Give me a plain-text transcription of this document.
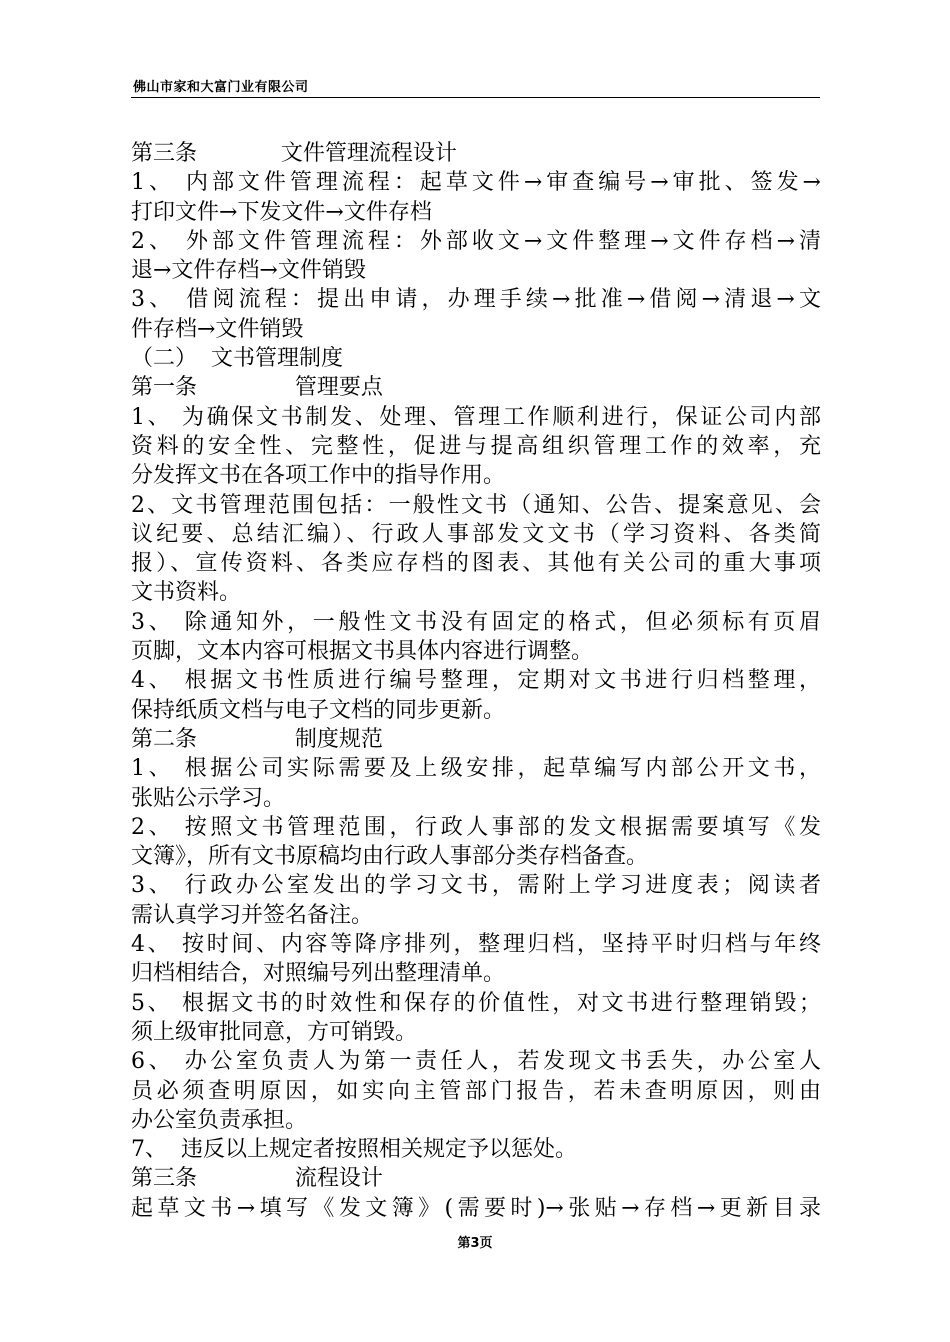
佛山市家和大富门业有限公司
第三条            文件管理流程设计
1、 内部文件管理流程：起草文件→审查编号→审批、签发→
打印文件→下发文件→文件存档
2、 外部文件管理流程：外部收文→文件整理→文件存档→清
退→文件存档→文件销毁
3、 借阅流程：提出申请，办理手续→批准→借阅→清退→文
件存档→文件销毁
（二）  文书管理制度
第一条              管理要点
1、 为确保文书制发、处理、管理工作顺利进行，保证公司内部
资料的安全性、完整性，促进与提高组织管理工作的效率，充
分发挥文书在各项工作中的指导作用。
2、文书管理范围包括：一般性文书（通知、公告、提案意见、会
议纪要、总结汇编）、行政人事部发文文书（学习资料、各类简
报）、宣传资料、各类应存档的图表、其他有关公司的重大事项
文书资料。
3、 除通知外，一般性文书没有固定的格式，但必须标有页眉
页脚，文本内容可根据文书具体内容进行调整。
4、 根据文书性质进行编号整理，定期对文书进行归档整理，
保持纸质文档与电子文档的同步更新。
第二条              制度规范
1、 根据公司实际需要及上级安排，起草编写内部公开文书，
张贴公示学习。
2、 按照文书管理范围，行政人事部的发文根据需要填写《发
文簿》，所有文书原稿均由行政人事部分类存档备查。
3、 行政办公室发出的学习文书，需附上学习进度表；阅读者
需认真学习并签名备注。
4、 按时间、内容等降序排列，整理归档，坚持平时归档与年终
归档相结合，对照编号列出整理清单。
5、 根据文书的时效性和保存的价值性，对文书进行整理销毁；
须上级审批同意，方可销毁。
6、 办公室负责人为第一责任人，若发现文书丢失，办公室人
员必须查明原因，如实向主管部门报告，若未查明原因，则由
办公室负责承担。
7、  违反以上规定者按照相关规定予以惩处。
第三条              流程设计
起草文书→填写《发文簿》(需要时)→张贴→存档→更新目录
第3页
